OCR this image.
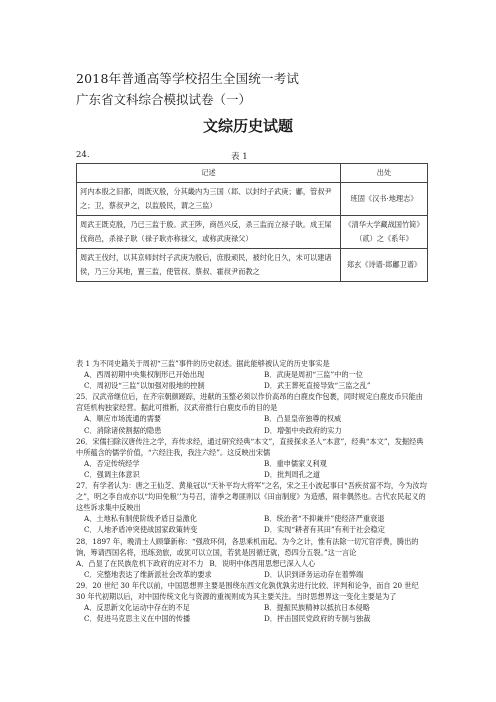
2018年普通高等学校招生全国统一考试
广东省文科综合模拟试卷（一）
文综历史试题
24.	表 1
记述	出处
河内本殷之旧都，周既灭殷，分其畿内为三国（邶、以封纣子武庚；鄘，管叔尹之；卫，蔡叔尹之，以监殷民，谓之三监）	班固《汉书·地理志》
周武王既克殷，乃已三监于殷。武王陟，商邑兴反，杀三监而立禄子耿。成王屎伐商邑，杀禄子耿（禄子耿亦称禄父，或称武庚禄父）	《清华大学藏战国竹简》（贰）之《系年》
周武王伐纣，以其京师封纣子武庚为殷后，庶殷顽民，被纣化日久，未可以建诸侯，乃三分其地，置三监，使管叔、蔡叔、霍叔尹而教之	郑玄《诗谱·邶鄘卫谱》

表 1 为不同史籍关于周初“三监”事件的历史叙述。据此能够被认定的历史事实是

A．西周初期中央集权制形已开始出现	B．武庚是周初“三监”中的一位
C．周初设“三监”以加强对殷地的控制	D．武王葬死直接导致“三监之乱”

25．汉武帝继位后，在齐宗朝颜蹉踪，进献的玉整必须以作价高昂的白鹿皮作包裹，同时规定白鹿皮币只能由宫廷机构独家经营。据此可推断，汉武帝推行白鹿皮币的目的是

A．顺应市场流通的需要	B．凸显皇帝独尊的权威
C．消除诸侯割据的隐患	D．增强中央政府的实力

26．宋儒扫除汉唐传注之学，弃传求经，通过研究经典“本文”，直接探求圣人“本意”，经典“本文”，发掘经典中所蕴含的儒学价值，“六经注我，我注六经”。这反映出宋儒

A．否定传统经学	B．重申儒家义利观
C．强调主体意识	D．批判周孔之道

27．有学者认为：唐之王仙芝、黄巢冠以“天补平均大将军”之名，宋之王小波起事曰“吾疾贫富不均，今为汝均之”，明之李自成亦以“均田免粮’’为号召，清季之粤匪则以《田亩制度》为造感，闹非偶然也。古代农民起义的这些诉求集中反映出

A．土地私有制使阶级矛盾日益激化	B．统治者“不抑兼并”使经济严重衰退
C．人地矛盾冲突使战国家政策转变	D．实现“耕者有其田”有利于社会稳定

28．1897 年，晚清士人顾肇新称：“强敌环伺，各思乘机而起。为今之计，惟有法除一切冗官浮费，腾出的饷，筹请西国名将，迅练劲旅，或犹可以立国，若犹是因循迁就，恐四分五裂。”这一言论

A．凸显了在民族危机下政府的应对不力 B．说明中体西用思想已深入人心
C．完整地表达了维新派社会改革的要求	D．认识到译务运动存在着弊端

29．20 世纪 30 年代以前，中国思想界主要是围绕东西文化孰优孰劣进行比较、评判和论争，而自 20 世纪 30 年代初期以后，对中国传统文化与资源的重视则成为其主要关注。当时思想界这一变化主要是为了

A．反思新文化运动中存在的不足	B．提振民族精神以抵抗日本侵略
C．促进马克思主义在中国的传播	D．抨击国民党政府的专制与独裁
